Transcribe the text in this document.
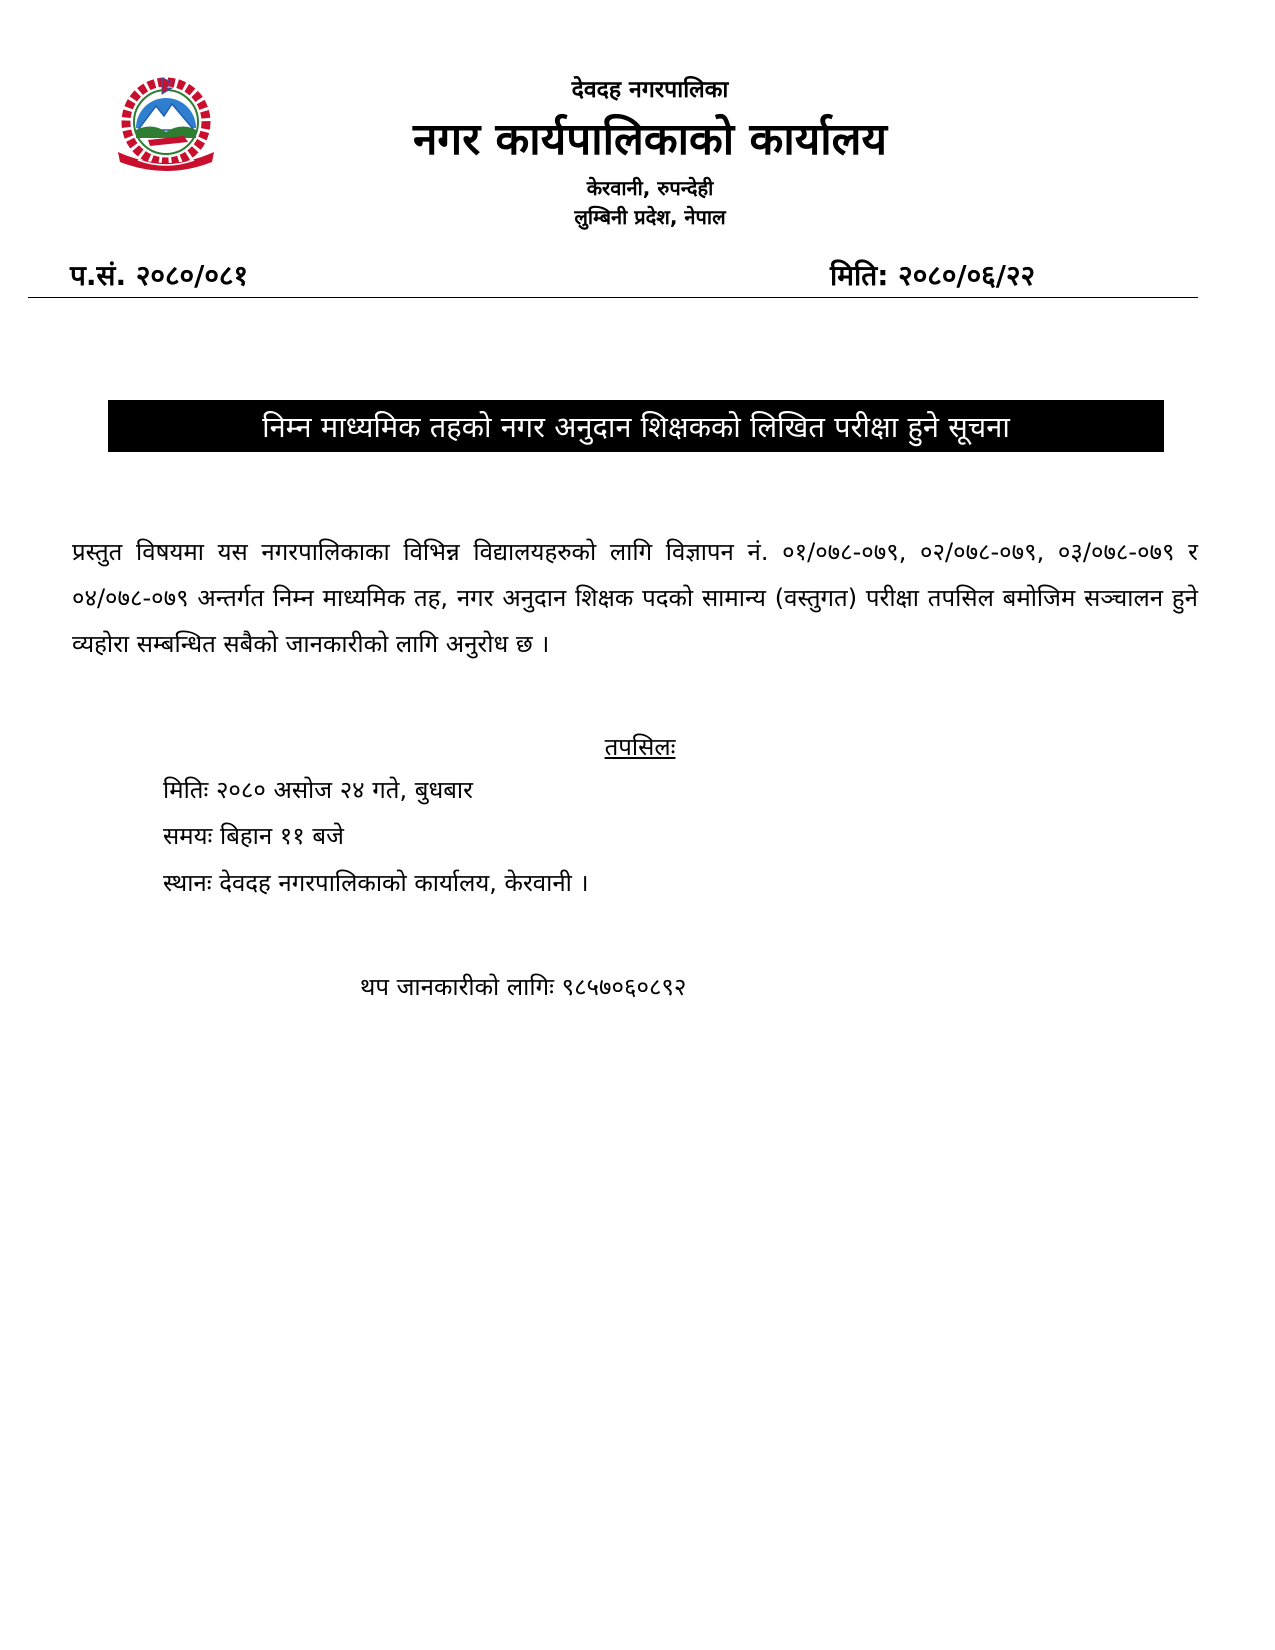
देवदह नगरपालिका
नगर कार्यपालिकाको कार्यालय
केरवानी, रुपन्देही
लुम्बिनी प्रदेश, नेपाल
प.सं. २०८०/०८१	मिति: २०८०/०६/२२
निम्न माध्यमिक तहको नगर अनुदान शिक्षकको लिखित परीक्षा हुने सूचना
प्रस्तुत विषयमा यस नगरपालिकाका विभिन्न विद्यालयहरुको लागि विज्ञापन नं. ०१/०७८-०७९, ०२/०७८-०७९, ०३/०७८-०७९ र ०४/०७८-०७९ अन्तर्गत निम्न माध्यमिक तह, नगर अनुदान शिक्षक पदको सामान्य (वस्तुगत) परीक्षा तपसिल बमोजिम सञ्चालन हुने व्यहोरा सम्बन्धित सबैको जानकारीको लागि अनुरोध छ ।
तपसिलः
मितिः २०८० असोज २४ गते, बुधबार
समयः बिहान ११ बजे
स्थानः देवदह नगरपालिकाको कार्यालय, केरवानी ।
थप जानकारीको लागिः ९८५७०६०८९२
